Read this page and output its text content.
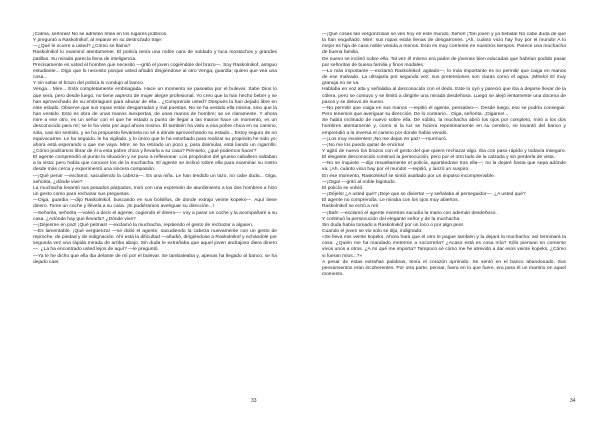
¡Calma, señoras! No se admiten riñas en los lugares públicos.

Y preguntó a Raskolnikof, al reparar en su destrozado traje:

—¿Qué le ocurre a usted? ¿Cómo se llama?

Raskolnikof lo examinó atentamente. El policía tenía una noble cara de soldado y luca mostachos y grandes patillas. Su mirada parecía llena de inteligencia.

Precisamente es usted el hombre que necesito —gritó el joven cogiéndole del brazo—. Soy Raskolnikof, antiguo estudiante... Digo que lo necesito porque usted añadió dirigiéndose al otro Venga, guardia; quiero que vea una cosa...

Y sin soltar el brazo del policía lo condujo al banco.

Venga... Mire... Está completamente embriagada. Hace un momento se paseaba por el bulevar. Sabe Dios lo que será, pero desde luego, no tiene aspecto de mujer alegre profesional. Yo creo que la han hecho beber y se han aprovechado de su embriaguez para abusar de ella... ¿Comprende usted? Después la han dejado libre en este estado. Observe que sus ropas están desgarradas y mal puestas. No se ha vestido ella misma, sino que la han vestido. Esto es obra de unas manos inexpertas, de unas manos de hombre; se ve claramente. Y ahora mire a ese otro, es un señor con el que he estado a punto de llegar a las manos hace un momento, es un desconocido para mí; se le ha visto por aquí ahora mismo. Él también ha visto a esa pobre chica en su camino, sola, casi sin sentido, y se ha propuesto llevársela no sé a dónde aprovechando su estado... Estoy seguro de no equivocarme. Le ha seguido, le ha vigilado, y lo único que le ha estorbado para realizar su propósito he sido yo; ahora está esperando a que me vaya. Mire: se ha retirado un poco y, para disimular, está liando un cigarrillo. ¿Cómo podríamos librar de él a esta pobre chica y llevarla a su casa? Piénselo, ¿qué podemos hacer?

El agente comprendió al punto la situación y se puso a reflexionar. Los propósitos del grueso caballero saltaban a la vista; pero había que conocer los de la muchacha. El agente se inclinó sobre ella para examinar su rostro desde más cerca y experimentó una sincera compasión.

—¡Qué pena! —exclamó, sacudiendo la cabeza—. Es una niña. Le han tendido un lazo, no cabe duda... Oiga, señorita, ¿dónde vive?

La muchacha levantó sus pesados párpados, miró con una expresión de aturdimiento a los dos hombres a hizo un gesto como para rechazar sus preguntas.

—Oiga, guardia —dijo Raskolnikof, buscando en sus bolsillos, de donde extrajo veinte kopeks—. Aquí tiene dinero. Tome un coche y llévela a su casa. ¡Si pudiéramos averiguar su dirección...!

—Señorita, señorita —volvió a decir el agente, cogiendo el dinero—: voy a parar un coche y la acompañaré a su casa. ¿Adónde hay que llevarla? ¿Dónde vive?

—¡Déjenme en paz! ¡Qué pelmas! —exclamó la muchacha, repitiendo el gesto de rechazar a alguien.

—Es lamentable. ¡Qué vergüenza! —se dolió el agente, sacudiendo la cabeza nuevamente con un gesto de reproche, de piedad y de indignación. Ahí está la dificultad —añadió, dirigiéndose a Raskolnikof y echándole por segunda vez una rápida mirada de arriba abajo. Sin duda le extrañaba que aquel joven andrajoso diera dinero—. ¿La ha encontrado usted lejos de aquí? —le preguntó.

—Ya le he dicho que ella iba delante de mí por el bulevar. Se tambaleaba y, apenas ha llegado al banco, se ha dejado caer.

33

—¡Qué cosas tan vergonzosas se ven hoy en este mundo, Señor! ¡Tan joven y ya bebida! No cabe duda de que la han engañado. Mire: sus ropas están llenas de desgarrones. ¡Ah, cuánto vicio hay hoy por el mundo! A lo mejor es hija de casa noble venida a menos. Esto es muy corriente en nuestros tiempos. Parece una muchacha de buena familia.

De nuevo se inclinó sobre ella. Tal vez él mismo era padre de jóvenes bien educadas que habrían podido pasar por señoritas de buena familia y finos modales.

—Lo más importante —exclamó Raskolnikof, agitado—, lo más importante es no permitir que caiga en manos de ese malvado. La ultrajaría por segunda vez; sus pretensiones son claras como el agua. ¡Mírelo! El muy granuja no se va.

Hablaba en voz alta y señalaba al desconocido con el dedo. Este lo oyó y pareció que iba a dejarse llevar de la cólera, pero se contuvo y se limitó a dirigirle una mirada desdeñosa. Luego se alejó lentamente una docena de pasos y se detuvo de nuevo.

—No permitir que caiga en sus manos —repitió el agente, pensativo—. Desde luego, eso se podría conseguir. Pero tenemos que averiguar su dirección. De lo contrario... Oiga, señorita. ¡Oigame!...

Se había inclinado de nuevo sobre ella. De súbito, la muchacha abrió los ojos por completo, miró a los dos hombres atentamente y, como si la luz se hiciera repentinamente en su cerebro, se levantó del banco y emprendió a la inversa el camino por donde había venido.

—¡Los muy insolentes! ¡No me dejan en paz! —murmuró.

—¡No me los puedo quitar de encima!

Y agitó de nuevo los brazos con el gesto del que quiere rechazar algo. Iba con paso rápido y todavía inseguro. El elegante desconocido continuó la persecución, pero por el otro lado de la calzada y sin perderla de vista.

—No se inquiete —dijo resueltamente el policía, apartándose tras ella—; no la dejaré hasta que sepa adónde va. ¡Ah, cuánto vicio hay por el mundo! —repitió, y lanzó un suspiro.

En ese momento, Raskolnikof se sintió asaltado por un impulso incomprensible.

—¡Oiga! —gritó al noble bigotudo.

El policía se volvió.

—¡Déjelo! ¿A usted qué? ¡Deje que se divierta! —y señalaba al perseguidor—. ¿A usted qué?

El agente no comprendía. Le miraba con los ojos muy abiertos.

Raskolnikof se echó a reír.

—¡Bah! —exclamó el agente mientras sacudía la mano con ademán desdeñoso.

Y continuó la persecución del elegante señor y de la muchacha.

Sin duda había tomado a Raskolnikof por un loco o por algo peor.

Cuando el joven se vio solo se dijo, indignado:

«Se lleva mis veinte kopeks. Ahora hará que el otro le pague también y la dejará la muchacha: así terminará la cosa. ¿Quién me ha mandado meterme a socorrerla? ¿Acaso está es cosa mía? Sólo piensan en comerse vivos unos a otros. ¿A mí qué me importa? Tampoco sé cómo me he atrevido a dar esos veinte kopeks. ¿Cómo si fueran míos...?»

A pesar de estas extrañas palabras, tenía el corazón oprimido. Se sentó en el banco abandonado. Sus pensamientos eran incoherentes. Por otra parte, pensar, fuera en lo que fuere, era para él un martirio en aquel momento.

34
